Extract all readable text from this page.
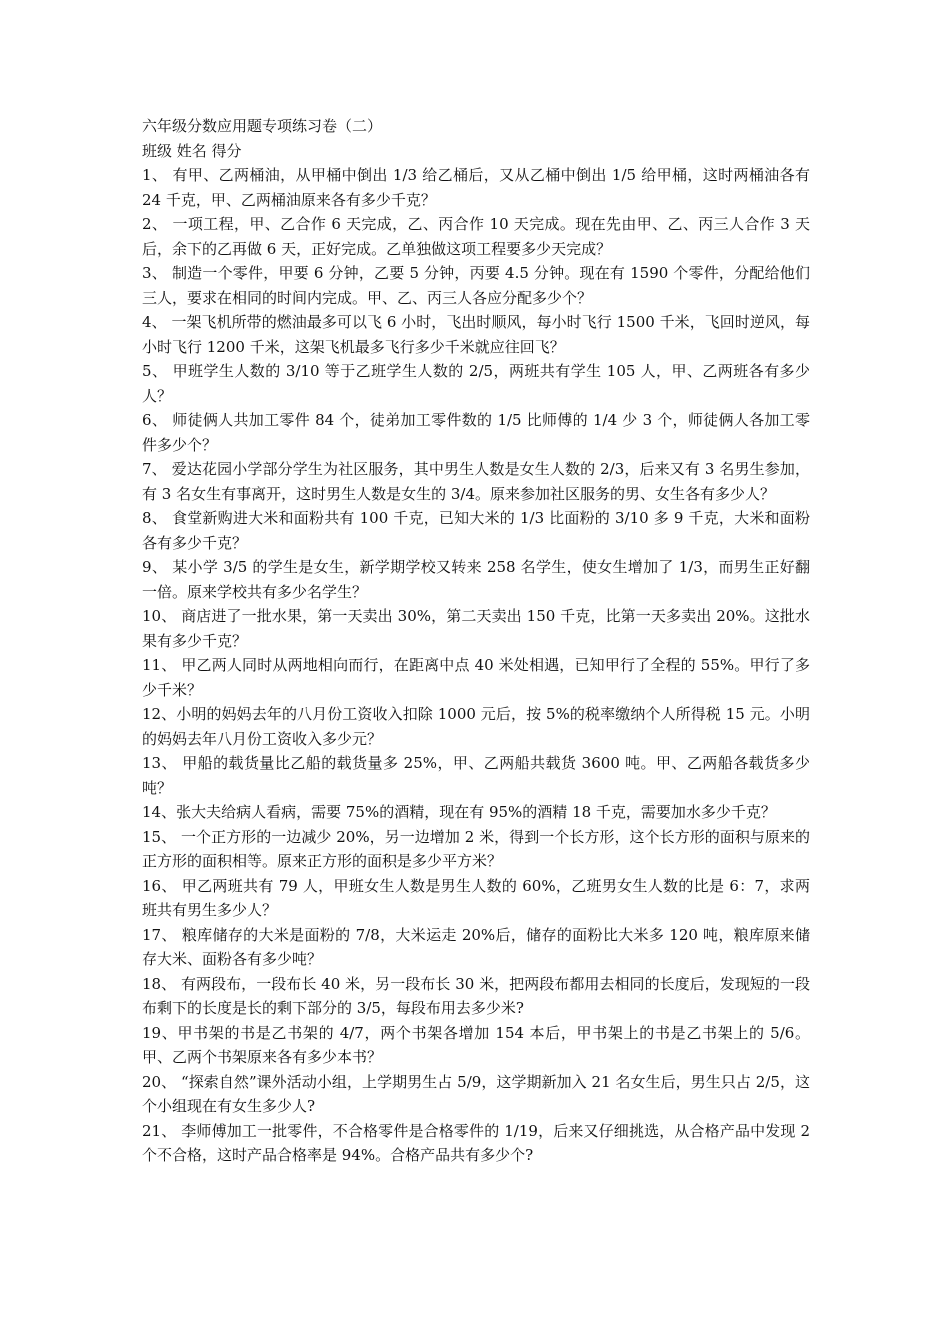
六年级分数应用题专项练习卷（二）

班级 姓名 得分

1、 有甲、乙两桶油，从甲桶中倒出 1/3 给乙桶后，又从乙桶中倒出 1/5 给甲桶，这时两桶油各有 24 千克，甲、乙两桶油原来各有多少千克？

2、 一项工程，甲、乙合作 6 天完成，乙、丙合作 10 天完成。现在先由甲、乙、丙三人合作 3 天后，余下的乙再做 6 天，正好完成。乙单独做这项工程要多少天完成？

3、 制造一个零件，甲要 6 分钟，乙要 5 分钟，丙要 4.5 分钟。现在有 1590 个零件，分配给他们三人，要求在相同的时间内完成。甲、乙、丙三人各应分配多少个？

4、 一架飞机所带的燃油最多可以飞 6 小时，飞出时顺风，每小时飞行 1500 千米，飞回时逆风，每小时飞行 1200 千米，这架飞机最多飞行多少千米就应往回飞？

5、 甲班学生人数的 3/10 等于乙班学生人数的 2/5，两班共有学生 105 人，甲、乙两班各有多少人？

6、 师徒俩人共加工零件 84 个，徒弟加工零件数的 1/5 比师傅的 1/4 少 3 个，师徒俩人各加工零件多少个？

7、 爱达花园小学部分学生为社区服务，其中男生人数是女生人数的 2/3，后来又有 3 名男生参加，有 3 名女生有事离开，这时男生人数是女生的 3/4。原来参加社区服务的男、女生各有多少人？

8、 食堂新购进大米和面粉共有 100 千克，已知大米的 1/3 比面粉的 3/10 多 9 千克，大米和面粉各有多少千克？

9、 某小学 3/5 的学生是女生，新学期学校又转来 258 名学生，使女生增加了 1/3，而男生正好翻一倍。原来学校共有多少名学生？

10、 商店进了一批水果，第一天卖出 30%，第二天卖出 150 千克，比第一天多卖出 20%。这批水果有多少千克？

11、 甲乙两人同时从两地相向而行，在距离中点 40 米处相遇，已知甲行了全程的 55%。甲行了多少千米？

12、小明的妈妈去年的八月份工资收入扣除 1000 元后，按 5%的税率缴纳个人所得税 15 元。小明的妈妈去年八月份工资收入多少元？

13、 甲船的载货量比乙船的载货量多 25%，甲、乙两船共载货 3600 吨。甲、乙两船各载货多少吨？

14、张大夫给病人看病，需要 75%的酒精，现在有 95%的酒精 18 千克，需要加水多少千克？

15、 一个正方形的一边减少 20%，另一边增加 2 米，得到一个长方形，这个长方形的面积与原来的正方形的面积相等。原来正方形的面积是多少平方米？

16、 甲乙两班共有 79 人，甲班女生人数是男生人数的 60%，乙班男女生人数的比是 6：7，求两班共有男生多少人？

17、 粮库储存的大米是面粉的 7/8，大米运走 20%后，储存的面粉比大米多 120 吨，粮库原来储存大米、面粉各有多少吨？

18、 有两段布，一段布长 40 米，另一段布长 30 米，把两段布都用去相同的长度后，发现短的一段布剩下的长度是长的剩下部分的 3/5，每段布用去多少米?

19、甲书架的书是乙书架的 4/7，两个书架各增加 154 本后，甲书架上的书是乙书架上的 5/6。甲、乙两个书架原来各有多少本书？

20、 “探索自然”课外活动小组，上学期男生占 5/9，这学期新加入 21 名女生后，男生只占 2/5，这个小组现在有女生多少人?

21、 李师傅加工一批零件，不合格零件是合格零件的 1/19，后来又仔细挑选，从合格产品中发现 2 个不合格，这时产品合格率是 94%。合格产品共有多少个?
